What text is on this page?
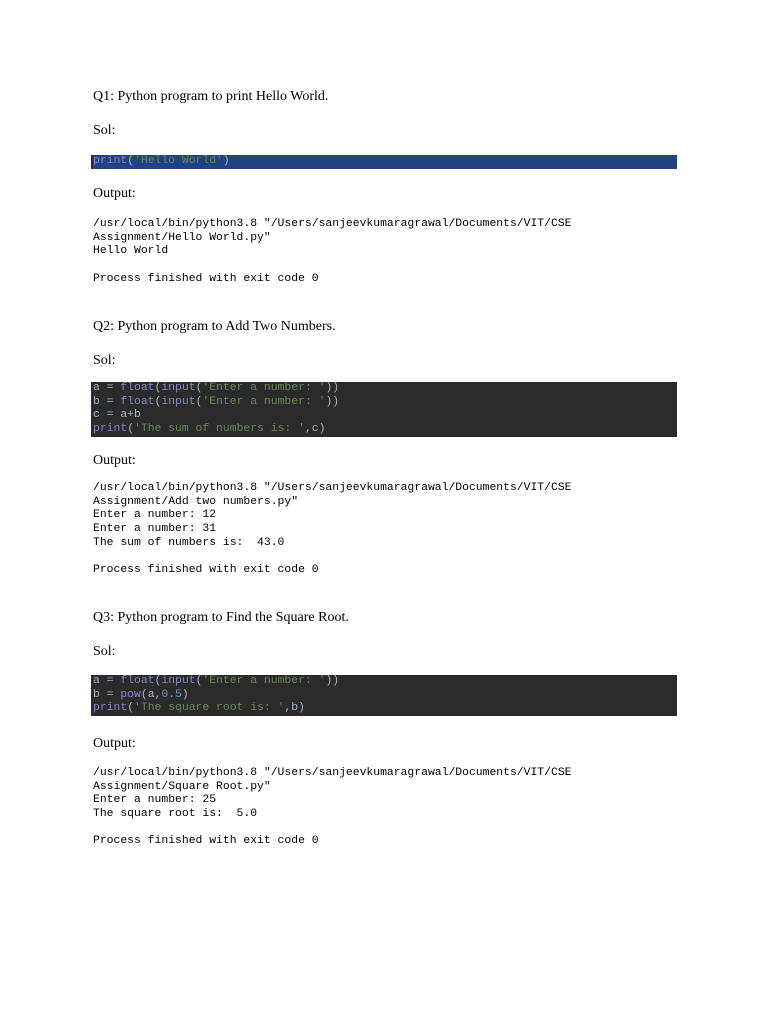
Q1: Python program to print Hello World.
Sol:
print('Hello World')
Output:
/usr/local/bin/python3.8 "/Users/sanjeevkumaragrawal/Documents/VIT/CSE
Assignment/Hello World.py"
Hello World
Process finished with exit code 0
Q2: Python program to Add Two Numbers.
Sol:
a = float(input('Enter a number: '))
b = float(input('Enter a number: '))
c = a+b
print('The sum of numbers is: ',c)
Output:
/usr/local/bin/python3.8 "/Users/sanjeevkumaragrawal/Documents/VIT/CSE
Assignment/Add two numbers.py"
Enter a number: 12
Enter a number: 31
The sum of numbers is:  43.0
Process finished with exit code 0
Q3: Python program to Find the Square Root.
Sol:
a = float(input('Enter a number: '))
b = pow(a,0.5)
print('The square root is: ',b)
Output:
/usr/local/bin/python3.8 "/Users/sanjeevkumaragrawal/Documents/VIT/CSE
Assignment/Square Root.py"
Enter a number: 25
The square root is:  5.0
Process finished with exit code 0
